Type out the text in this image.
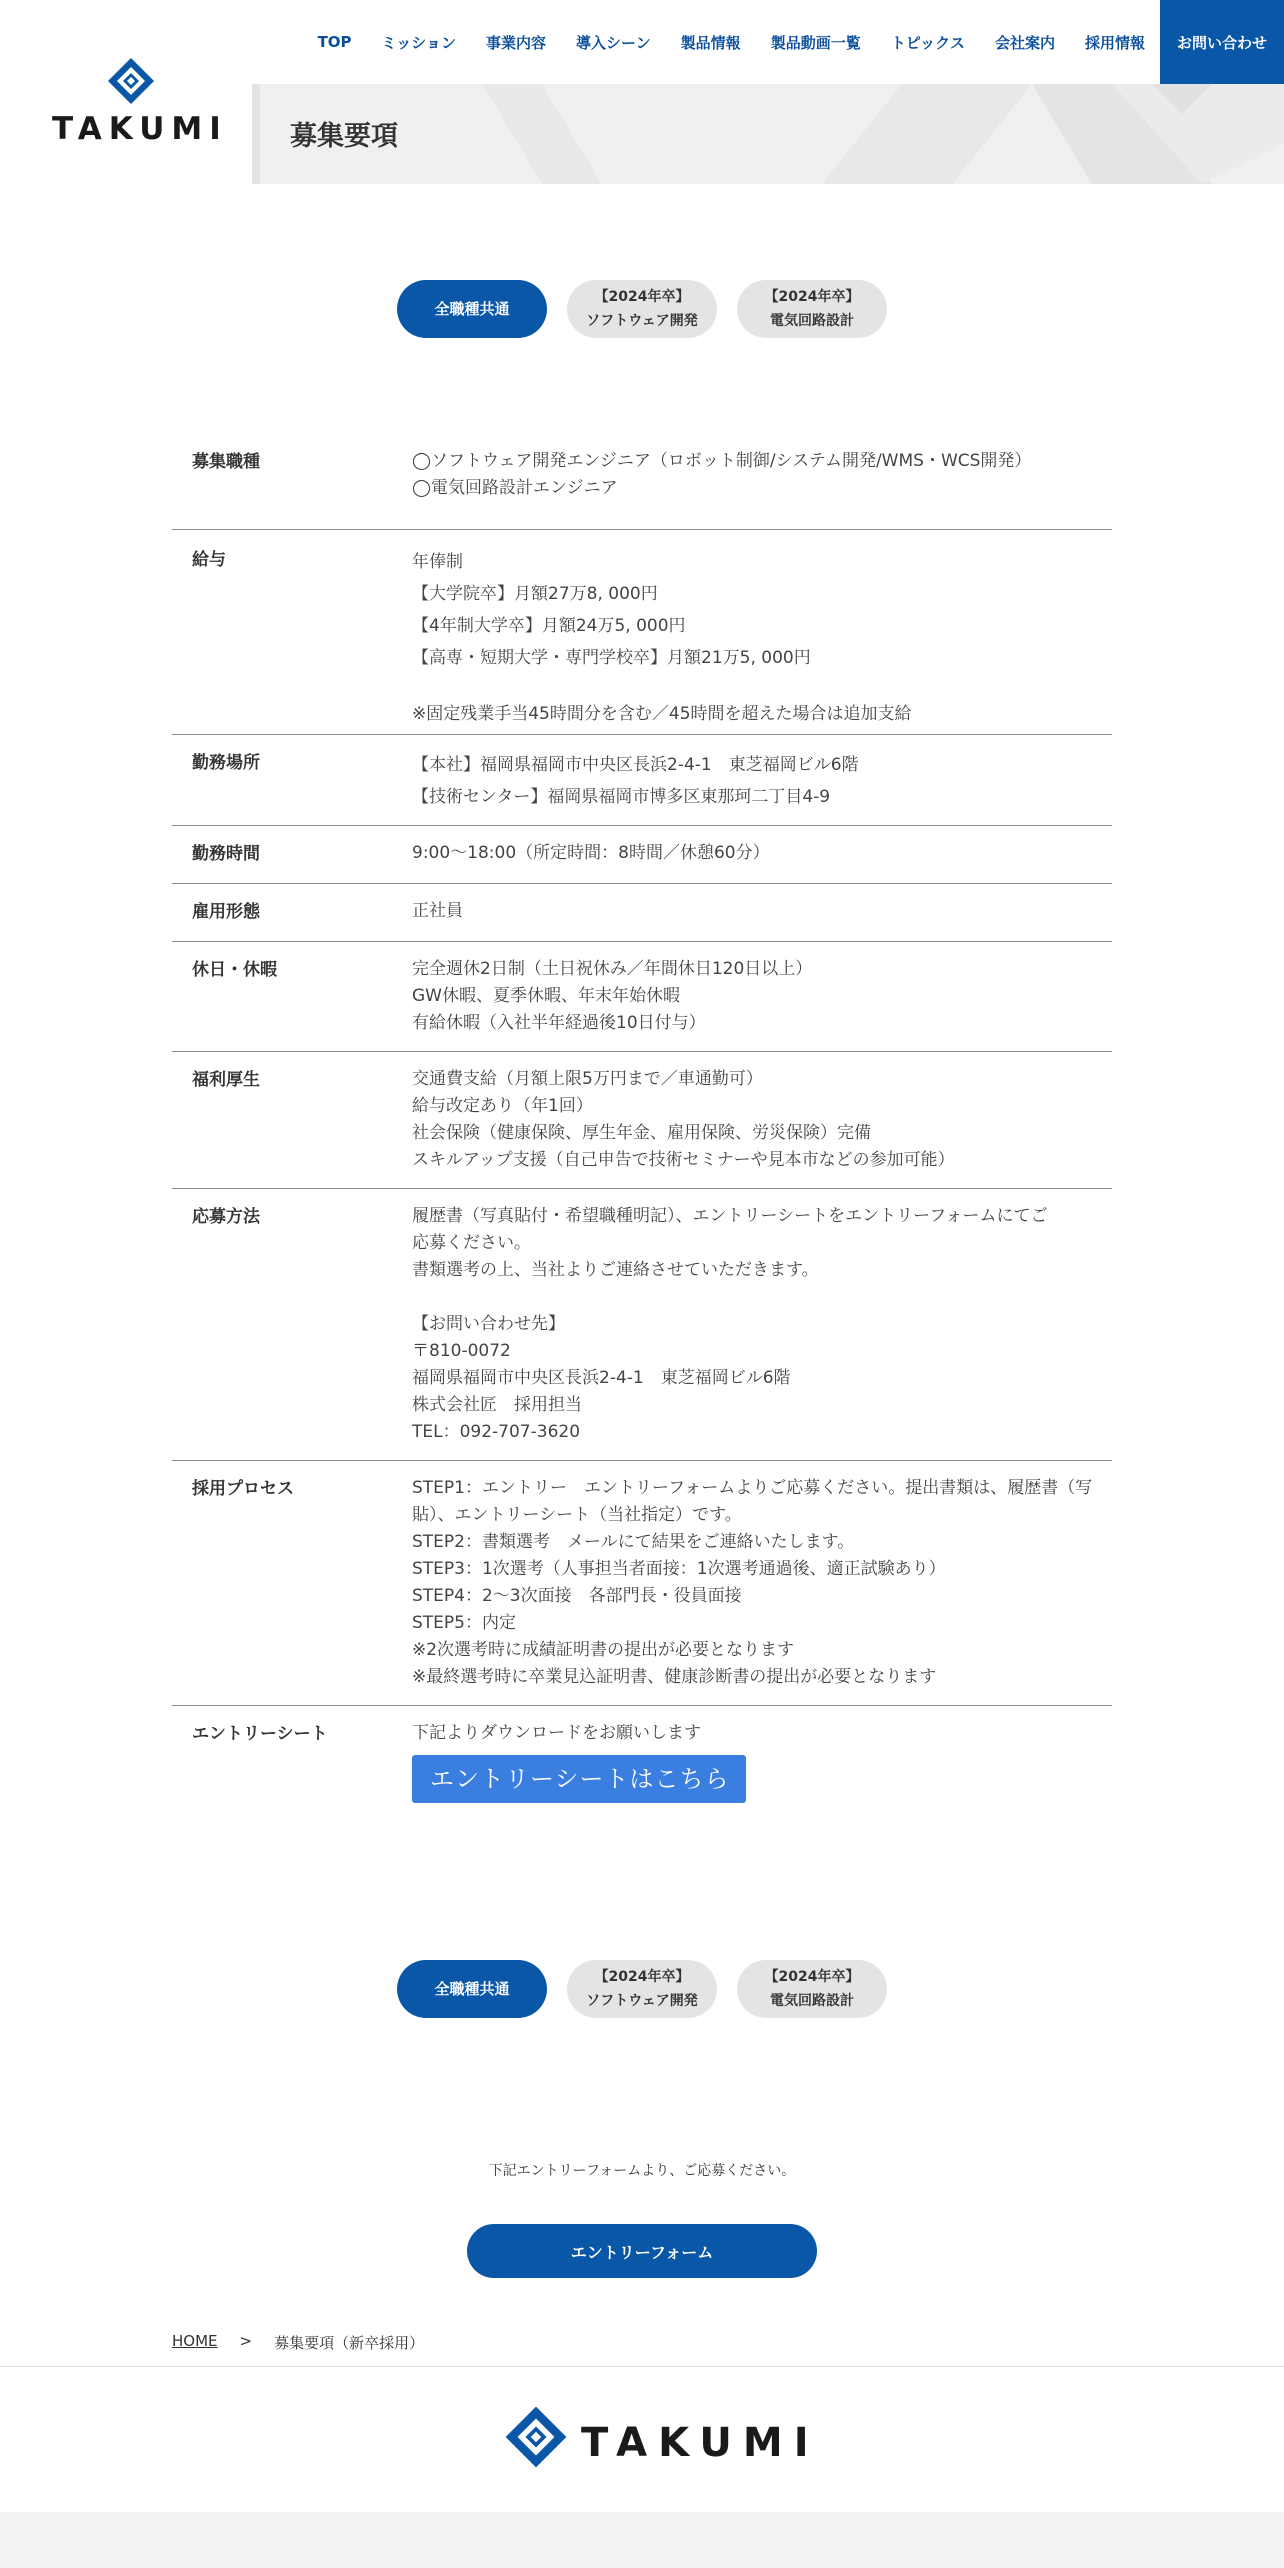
TAKUMI
TOP	ミッション	事業内容	導入シーン	製品情報	製品動画一覧	トピックス	会社案内	採用情報	お問い合わせ
募集要項
全職種共通
【2024年卒】
ソフトウェア開発
【2024年卒】
電気回路設計
募集職種	◯ソフトウェア開発エンジニア（ロボット制御/システム開発/WMS・WCS開発）
◯電気回路設計エンジニア
給与	年俸制
【大学院卒】月額27万8, 000円
【4年制大学卒】月額24万5, 000円
【高専・短期大学・専門学校卒】月額21万5, 000円
※固定残業手当45時間分を含む／45時間を超えた場合は追加支給
勤務場所	【本社】福岡県福岡市中央区長浜2-4-1　東芝福岡ビル6階
【技術センター】福岡県福岡市博多区東那珂二丁目4-9
勤務時間	9:00〜18:00（所定時間：8時間／休憩60分）
雇用形態	正社員
休日・休暇	完全週休2日制（土日祝休み／年間休日120日以上）
GW休暇、夏季休暇、年末年始休暇
有給休暇（入社半年経過後10日付与）
福利厚生	交通費支給（月額上限5万円まで／車通勤可）
給与改定あり（年1回）
社会保険（健康保険、厚生年金、雇用保険、労災保険）完備
スキルアップ支援（自己申告で技術セミナーや見本市などの参加可能）
応募方法	履歴書（写真貼付・希望職種明記）、エントリーシートをエントリーフォームにてご
応募ください。
書類選考の上、当社よりご連絡させていただきます。
【お問い合わせ先】
〒810-0072
福岡県福岡市中央区長浜2-4-1　東芝福岡ビル6階
株式会社匠　採用担当
TEL：092-707-3620
採用プロセス	STEP1：エントリー　エントリーフォームよりご応募ください。提出書類は、履歴書（写
貼）、エントリーシート（当社指定）です。
STEP2：書類選考　メールにて結果をご連絡いたします。
STEP3：1次選考（人事担当者面接：1次選考通過後、適正試験あり）
STEP4：2〜3次面接　各部門長・役員面接
STEP5：内定
※2次選考時に成績証明書の提出が必要となります
※最終選考時に卒業見込証明書、健康診断書の提出が必要となります
エントリーシート	下記よりダウンロードをお願いします
エントリーシートはこちら
全職種共通
【2024年卒】
ソフトウェア開発
【2024年卒】
電気回路設計
下記エントリーフォームより、ご応募ください。
エントリーフォーム
HOME > 募集要項（新卒採用）
TAKUMI
